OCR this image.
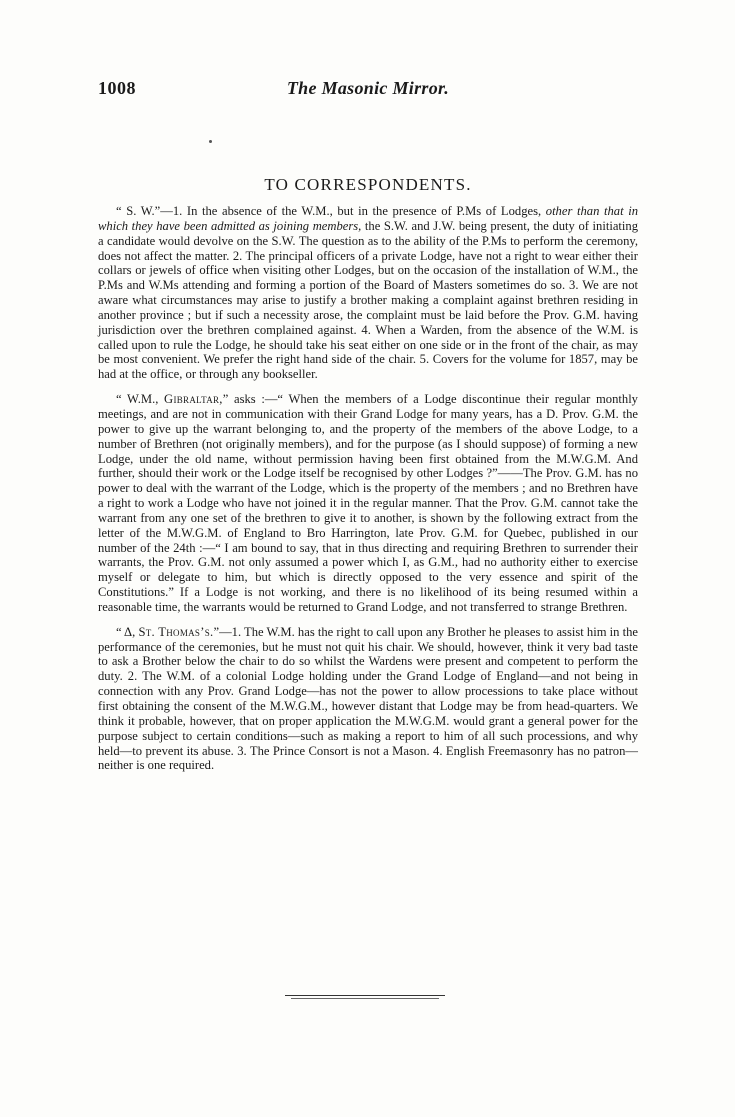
1008	The Masonic Mirror.
TO CORRESPONDENTS.

“ S. W.”—1. In the absence of the W.M., but in the presence of P.Ms of Lodges, other than that in which they have been admitted as joining members, the S.W. and J.W. being present, the duty of initiating a candidate would devolve on the S.W. The question as to the ability of the P.Ms to perform the ceremony, does not affect the matter. 2. The principal officers of a private Lodge, have not a right to wear either their collars or jewels of office when visiting other Lodges, but on the occasion of the installation of W.M., the P.Ms and W.Ms attending and forming a portion of the Board of Masters sometimes do so. 3. We are not aware what circumstances may arise to justify a brother making a complaint against brethren residing in another province ; but if such a necessity arose, the complaint must be laid before the Prov. G.M. having jurisdiction over the brethren complained against. 4. When a Warden, from the absence of the W.M. is called upon to rule the Lodge, he should take his seat either on one side or in the front of the chair, as may be most convenient. We prefer the right hand side of the chair. 5. Covers for the volume for 1857, may be had at the office, or through any bookseller.

“ W.M., Gibraltar,” asks :—“ When the members of a Lodge discontinue their regular monthly meetings, and are not in communication with their Grand Lodge for many years, has a D. Prov. G.M. the power to give up the warrant belonging to, and the property of the members of the above Lodge, to a number of Brethren (not originally members), and for the purpose (as I should suppose) of forming a new Lodge, under the old name, without permission having been first obtained from the M.W.G.M. And further, should their work or the Lodge itself be recognised by other Lodges ?”——The Prov. G.M. has no power to deal with the warrant of the Lodge, which is the property of the members ; and no Brethren have a right to work a Lodge who have not joined it in the regular manner. That the Prov. G.M. cannot take the warrant from any one set of the brethren to give it to another, is shown by the following extract from the letter of the M.W.G.M. of England to Bro Harrington, late Prov. G.M. for Quebec, published in our number of the 24th :—“ I am bound to say, that in thus directing and requiring Brethren to surrender their warrants, the Prov. G.M. not only assumed a power which I, as G.M., had no authority either to exercise myself or delegate to him, but which is directly opposed to the very essence and spirit of the Constitutions.” If a Lodge is not working, and there is no likelihood of its being resumed within a reasonable time, the warrants would be returned to Grand Lodge, and not transferred to strange Brethren.

“ Δ, St. Thomas’s.”—1. The W.M. has the right to call upon any Brother he pleases to assist him in the performance of the ceremonies, but he must not quit his chair. We should, however, think it very bad taste to ask a Brother below the chair to do so whilst the Wardens were present and competent to perform the duty. 2. The W.M. of a colonial Lodge holding under the Grand Lodge of England—and not being in connection with any Prov. Grand Lodge—has not the power to allow processions to take place without first obtaining the consent of the M.W.G.M., however distant that Lodge may be from head-quarters. We think it probable, however, that on proper application the M.W.G.M. would grant a general power for the purpose subject to certain conditions—such as making a report to him of all such processions, and why held—to prevent its abuse. 3. The Prince Consort is not a Mason. 4. English Freemasonry has no patron—neither is one required.
